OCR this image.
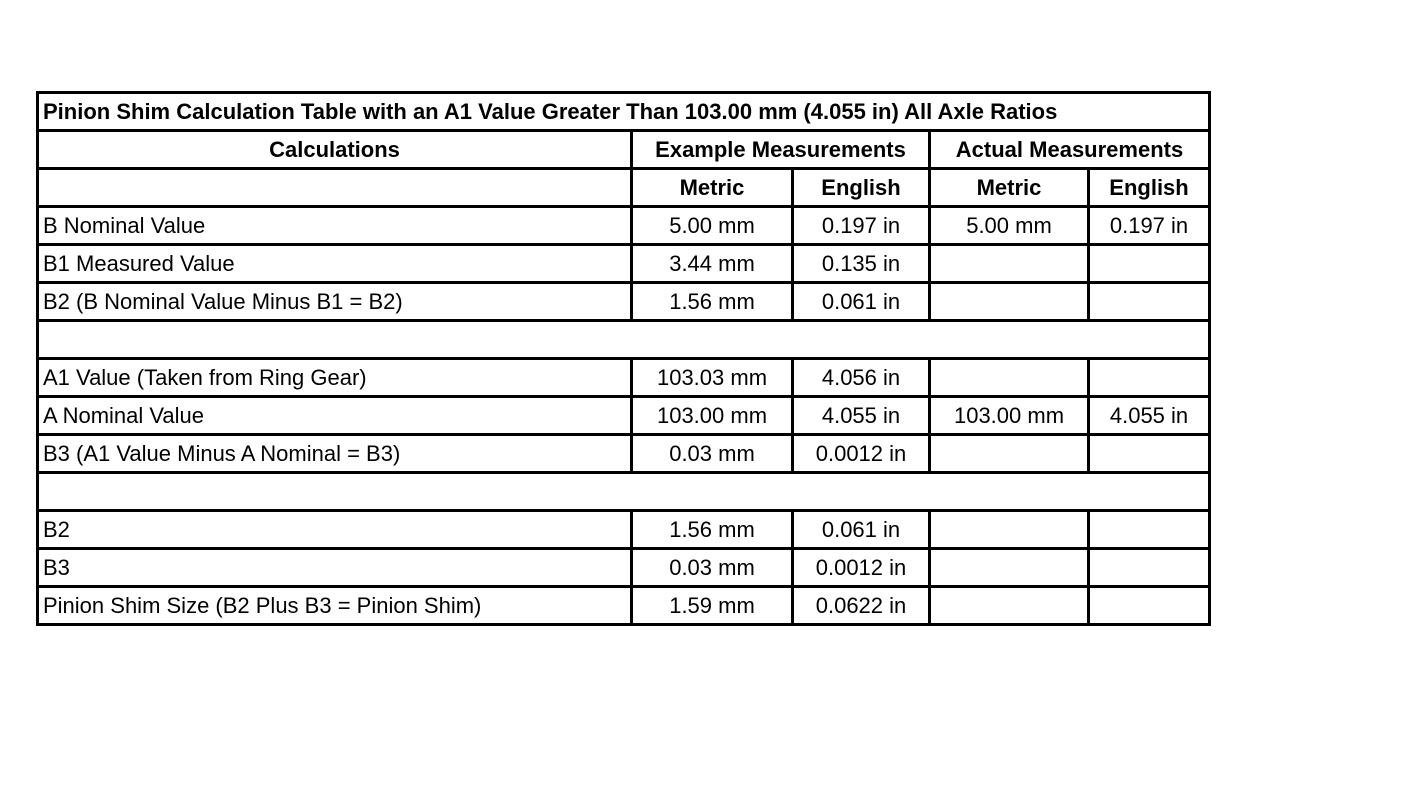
Pinion Shim Calculation Table with an A1 Value Greater Than 103.00 mm (4.055 in) All Axle Ratios				
Calculations	Example Measurements		Actual Measurements	
	Metric	English	Metric	English
B Nominal Value	5.00 mm	0.197 in	5.00 mm	0.197 in
B1 Measured Value	3.44 mm	0.135 in		
B2 (B Nominal Value Minus B1 = B2)	1.56 mm	0.061 in		

A1 Value (Taken from Ring Gear)	103.03 mm	4.056 in		
A Nominal Value	103.00 mm	4.055 in	103.00 mm	4.055 in
B3 (A1 Value Minus A Nominal = B3)	0.03 mm	0.0012 in		

B2	1.56 mm	0.061 in		
B3	0.03 mm	0.0012 in		
Pinion Shim Size (B2 Plus B3 = Pinion Shim)	1.59 mm	0.0622 in		
